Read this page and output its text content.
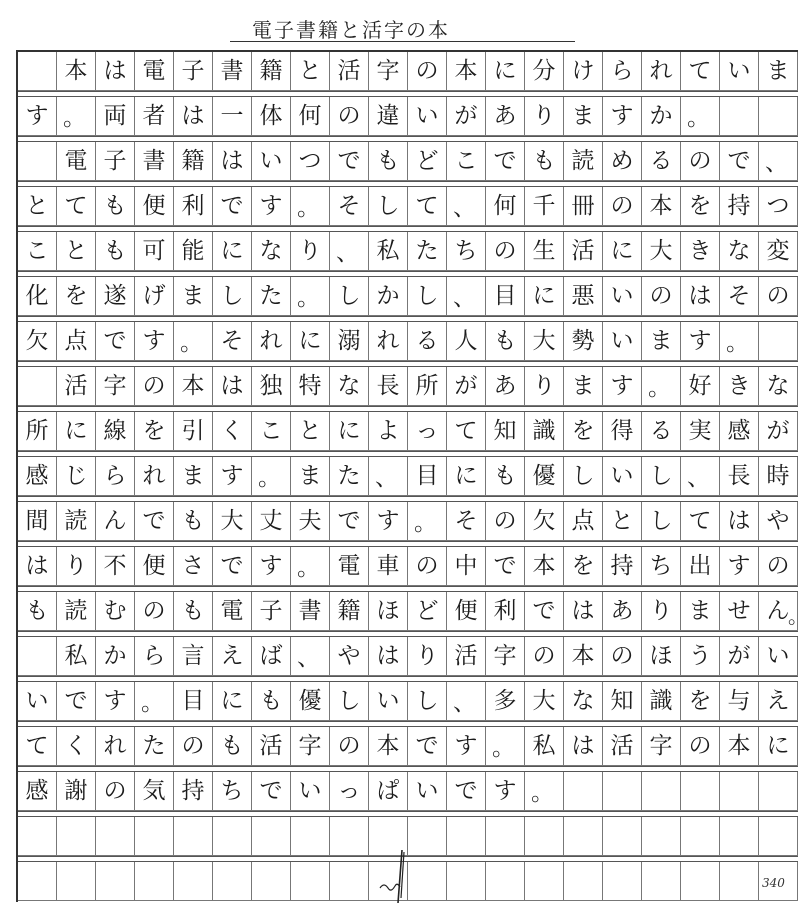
電子書籍と活字の本
本 は 電 子 書 籍 と 活 字 の 本 に 分 け ら れ て い ま
す 。 両 者 は 一 体 何 の 違 い が あ り ま す か 。
電 子 書 籍 は い つ で も ど こ で も 読 め る の で 、
と て も 便 利 で す 。 そ し て 、 何 千 冊 の 本 を 持 つ
こ と も 可 能 に な り 、 私 た ち の 生 活 に 大 き な 変
化 を 遂 げ ま し た 。 し か し 、 目 に 悪 い の は そ の
欠 点 で す 。 そ れ に 溺 れ る 人 も 大 勢 い ま す 。
活 字 の 本 は 独 特 な 長 所 が あ り ま す 。 好 き な
所 に 線 を 引 く こ と に よ っ て 知 識 を 得 る 実 感 が
感 じ ら れ ま す 。 ま た 、 目 に も 優 し い し 、 長 時
間 読 ん で も 大 丈 夫 で す 。 そ の 欠 点 と し て は や
は り 不 便 さ で す 。 電 車 の 中 で 本 を 持 ち 出 す の
も 読 む の も 電 子 書 籍 ほ ど 便 利 で は あ り ま せ ん
私 か ら 言 え ば 、 や は り 活 字 の 本 の ほ う が い
い で す 。 目 に も 優 し い し 、 多 大 な 知 識 を 与 え
て く れ た の も 活 字 の 本 で す 。 私 は 活 字 の 本 に
感 謝 の 気 持 ち で い っ ぱ い で す 。
340
。
